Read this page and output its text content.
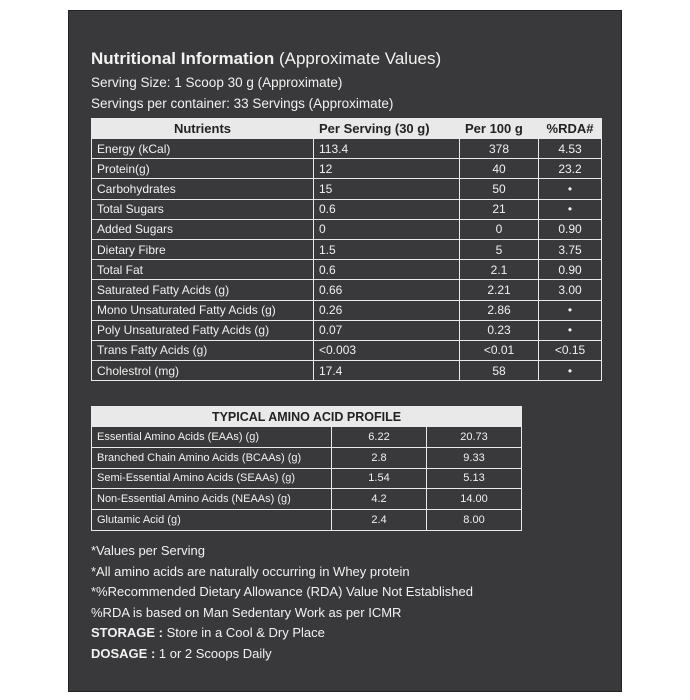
Nutritional Information (Approximate Values)
Serving Size: 1 Scoop 30 g (Approximate)
Servings per container: 33 Servings (Approximate)
Nutrients	Per Serving (30 g)	Per 100 g	%RDA#
Energy (kCal)	113.4	378	4.53
Protein(g)	12	40	23.2
Carbohydrates	15	50	•
Total Sugars	0.6	21	•
Added Sugars	0	0	0.90
Dietary Fibre	1.5	5	3.75
Total Fat	0.6	2.1	0.90
Saturated Fatty Acids (g)	0.66	2.21	3.00
Mono Unsaturated Fatty Acids (g)	0.26	2.86	•
Poly Unsaturated Fatty Acids (g)	0.07	0.23	•
Trans Fatty Acids (g)	<0.003	<0.01	<0.15
Cholestrol (mg)	17.4	58	•
TYPICAL AMINO ACID PROFILE		
Essential Amino Acids (EAAs) (g)	6.22	20.73
Branched Chain Amino Acids (BCAAs) (g)	2.8	9.33
Semi-Essential Amino Acids (SEAAs) (g)	1.54	5.13
Non-Essential Amino Acids (NEAAs) (g)	4.2	14.00
Glutamic Acid (g)	2.4	8.00
*Values per Serving
*All amino acids are naturally occurring in Whey protein
*%Recommended Dietary Allowance (RDA) Value Not Established
%RDA is based on Man Sedentary Work as per ICMR
STORAGE : Store in a Cool & Dry Place
DOSAGE : 1 or 2 Scoops Daily
